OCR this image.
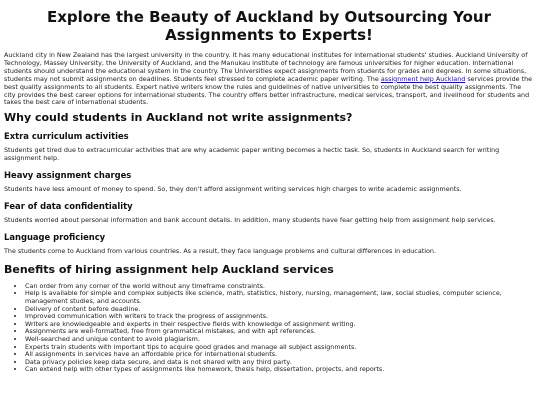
Explore the Beauty of Auckland by Outsourcing Your Assignments to Experts!

Auckland city in New Zealand has the largest university in the country. It has many educational institutes for international students' studies. Auckland University of Technology, Massey University, the University of Auckland, and the Manukau institute of technology are famous universities for higher education. International students should understand the educational system in the country. The Universities expect assignments from students for grades and degrees. In some situations, students may not submit assignments on deadlines. Students feel stressed to complete academic paper writing. The assignment help Auckland services provide the best quality assignments to all students. Expert native writers know the rules and guidelines of native universities to complete the best quality assignments. The city provides the best career options for international students. The country offers better infrastructure, medical services, transport, and livelihood for students and takes the best care of international students.

Why could students in Auckland not write assignments?
Extra curriculum activities

Students get tired due to extracurricular activities that are why academic paper writing becomes a hectic task. So, students in Auckland search for writing assignment help.

Heavy assignment charges

Students have less amount of money to spend. So, they don't afford assignment writing services high charges to write academic assignments.

Fear of data confidentiality

Students worried about personal information and bank account details. In addition, many students have fear getting help from assignment help services.

Language proficiency

The students come to Auckland from various countries. As a result, they face language problems and cultural differences in education.

Benefits of hiring assignment help Auckland services
• Can order from any corner of the world without any timeframe constraints.
• Help is available for simple and complex subjects like science, math, statistics, history, nursing, management, law, social studies, computer science, management studies, and accounts.
• Delivery of content before deadline.
• Improved communication with writers to track the progress of assignments.
• Writers are knowledgeable and experts in their respective fields with knowledge of assignment writing.
• Assignments are well-formatted, free from grammatical mistakes, and with apt references.
• Well-searched and unique content to avoid plagiarism.
• Experts train students with important tips to acquire good grades and manage all subject assignments.
• All assignments in services have an affordable price for international students.
• Data privacy policies keep data secure, and data is not shared with any third party.
• Can extend help with other types of assignments like homework, thesis help, dissertation, projects, and reports.
